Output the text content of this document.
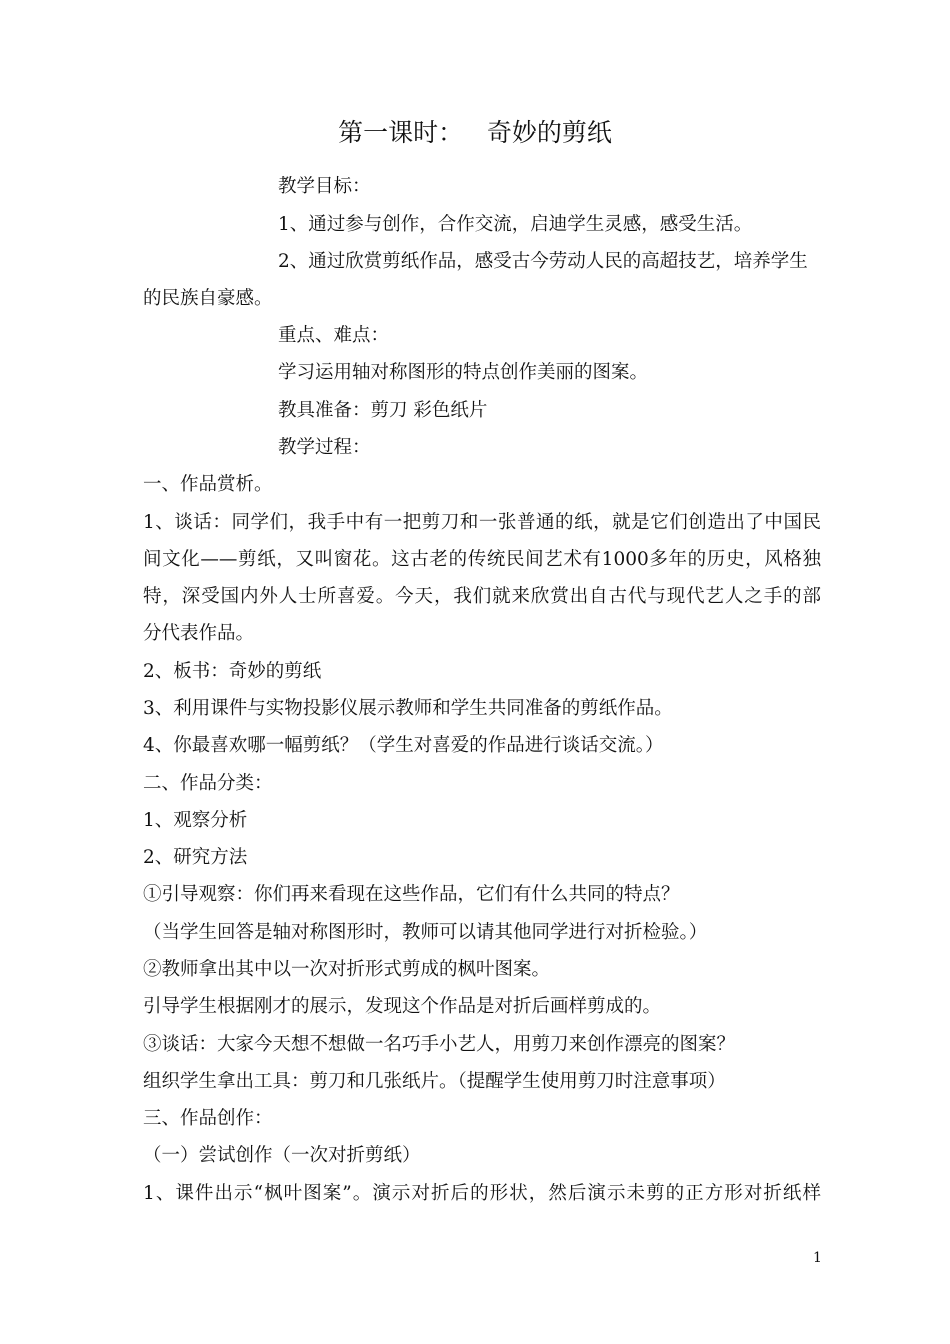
第一课时：   奇妙的剪纸
教学目标：
1、通过参与创作，合作交流，启迪学生灵感，感受生活。
2、通过欣赏剪纸作品，感受古今劳动人民的高超技艺，培养学生
的民族自豪感。
重点、难点：
学习运用轴对称图形的特点创作美丽的图案。
教具准备：剪刀 彩色纸片
教学过程：
一、作品赏析。
1、谈话：同学们，我手中有一把剪刀和一张普通的纸，就是它们创造出了中国民
间文化——剪纸，又叫窗花。这古老的传统民间艺术有1000多年的历史，风格独
特，深受国内外人士所喜爱。今天，我们就来欣赏出自古代与现代艺人之手的部
分代表作品。
2、板书：奇妙的剪纸
3、利用课件与实物投影仪展示教师和学生共同准备的剪纸作品。
4、你最喜欢哪一幅剪纸？（学生对喜爱的作品进行谈话交流。）
二、作品分类：
1、观察分析
2、研究方法
①引导观察：你们再来看现在这些作品，它们有什么共同的特点？
（当学生回答是轴对称图形时，教师可以请其他同学进行对折检验。）
②教师拿出其中以一次对折形式剪成的枫叶图案。
引导学生根据刚才的展示，发现这个作品是对折后画样剪成的。
③谈话：大家今天想不想做一名巧手小艺人，用剪刀来创作漂亮的图案？
组织学生拿出工具：剪刀和几张纸片。（提醒学生使用剪刀时注意事项）
三、作品创作：
（一）尝试创作（一次对折剪纸）
1、课件出示“枫叶图案”。演示对折后的形状，然后演示未剪的正方形对折纸样
1
